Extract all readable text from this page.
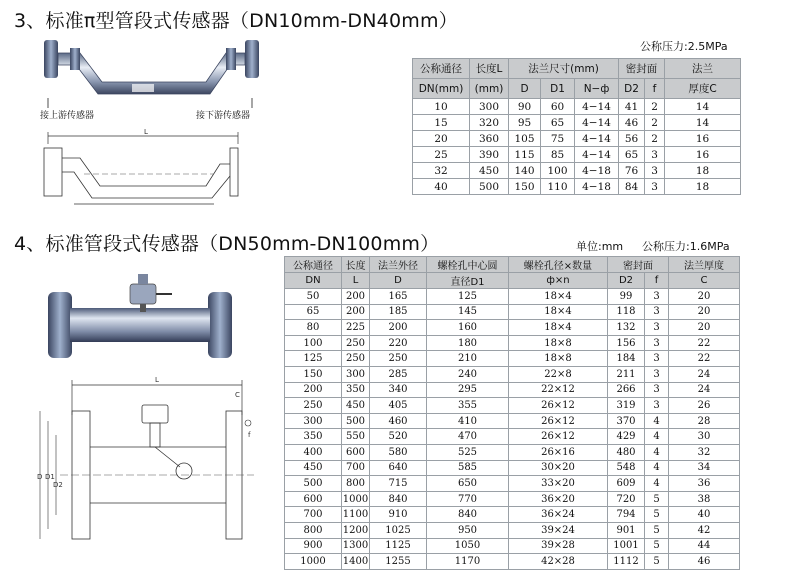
3、标准π型管段式传感器（DN10mm-DN40mm）
公称压力:2.5MPa
接上游传感器	接下游传感器
L
公称通径	长度L	法兰尺寸(mm)			密封面		法兰
DN(mm)	(mm)	D	D1	N−ф	D2	f	厚度C
10	300	90	60	4−14	41	2	14
15	320	95	65	4−14	46	2	14
20	360	105	75	4−14	56	2	16
25	390	115	85	4−14	65	3	16
32	450	140	100	4−18	76	3	18
40	500	150	110	4−18	84	3	18
4、标准管段式传感器（DN50mm-DN100mm）	单位:mm 公称压力:1.6MPa
L
D D1
D2
C
f
公称通径	长度	法兰外径	螺栓孔中心圆	螺栓孔径×数量	密封面		法兰厚度
DN	L	D	直径D1	ф×n	D2	f	C
50	200	165	125	18×4	99	3	20
65	200	185	145	18×4	118	3	20
80	225	200	160	18×4	132	3	20
100	250	220	180	18×8	156	3	22
125	250	250	210	18×8	184	3	22
150	300	285	240	22×8	211	3	24
200	350	340	295	22×12	266	3	24
250	450	405	355	26×12	319	3	26
300	500	460	410	26×12	370	4	28
350	550	520	470	26×12	429	4	30
400	600	580	525	26×16	480	4	32
450	700	640	585	30×20	548	4	34
500	800	715	650	33×20	609	4	36
600	1000	840	770	36×20	720	5	38
700	1100	910	840	36×24	794	5	40
800	1200	1025	950	39×24	901	5	42
900	1300	1125	1050	39×28	1001	5	44
1000	1400	1255	1170	42×28	1112	5	46
